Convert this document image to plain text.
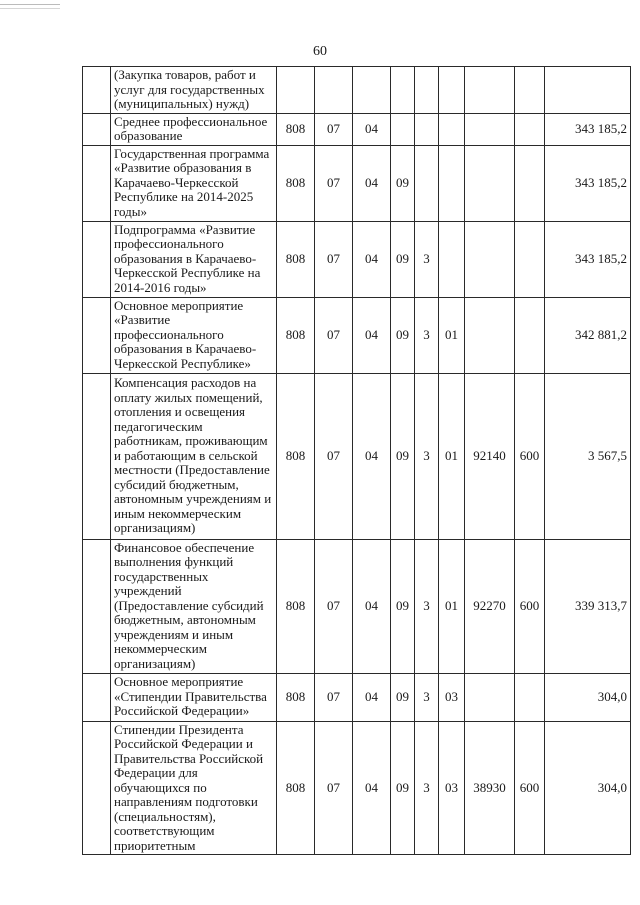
60
	(Закупка товаров, работ и услуг для государственных (муниципальных) нужд)									
	Среднее профессиональное образование	808	07	04						343 185,2
	Государственная программа «Развитие образования в Карачаево-Черкесской Республике на 2014-2025 годы»	808	07	04	09					343 185,2
	Подпрограмма «Развитие профессионального образования в Карачаево-Черкесской Республике на 2014-2016 годы»	808	07	04	09	3				343 185,2
	Основное мероприятие «Развитие профессионального образования в Карачаево-Черкесской Республике»	808	07	04	09	3	01			342 881,2
	Компенсация расходов на оплату жилых помещений, отопления и освещения педагогическим работникам, проживающим и работающим в сельской местности (Предоставление субсидий бюджетным, автономным учреждениям и иным некоммерческим организациям)	808	07	04	09	3	01	92140	600	3 567,5
	Финансовое обеспечение выполнения функций государственных учреждений (Предоставление субсидий бюджетным, автономным учреждениям и иным некоммерческим организациям)	808	07	04	09	3	01	92270	600	339 313,7
	Основное мероприятие «Стипендии Правительства Российской Федерации»	808	07	04	09	3	03			304,0
	Стипендии Президента Российской Федерации и Правительства Российской Федерации для обучающихся по направлениям подготовки (специальностям), соответствующим приоритетным	808	07	04	09	3	03	38930	600	304,0
